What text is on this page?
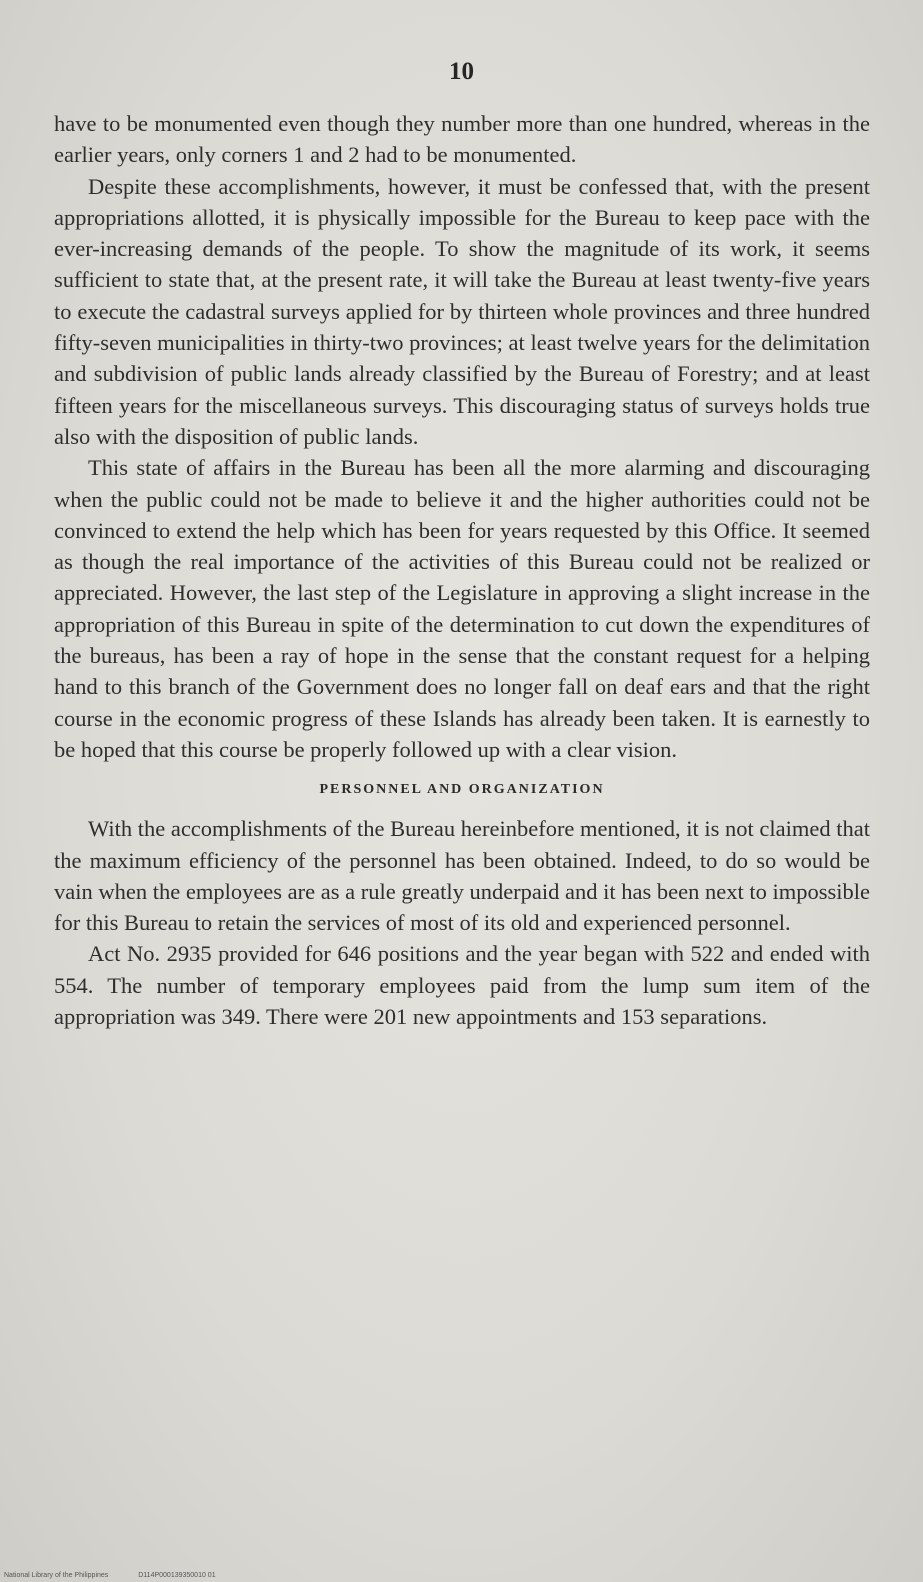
10

have to be monumented even though they number more than one hundred, whereas in the earlier years, only corners 1 and 2 had to be monumented.

Despite these accomplishments, however, it must be confessed that, with the present appropriations allotted, it is physically impossible for the Bureau to keep pace with the ever-increasing demands of the people. To show the magnitude of its work, it seems sufficient to state that, at the present rate, it will take the Bureau at least twenty-five years to execute the cadastral surveys applied for by thirteen whole provinces and three hundred fifty-seven municipalities in thirty-two provinces; at least twelve years for the delimitation and subdivision of public lands already classified by the Bureau of Forestry; and at least fifteen years for the miscellaneous surveys. This discouraging status of surveys holds true also with the disposition of public lands.

This state of affairs in the Bureau has been all the more alarming and discouraging when the public could not be made to believe it and the higher authorities could not be convinced to extend the help which has been for years requested by this Office. It seemed as though the real importance of the activities of this Bureau could not be realized or appreciated. However, the last step of the Legislature in approving a slight increase in the appropriation of this Bureau in spite of the determination to cut down the expenditures of the bureaus, has been a ray of hope in the sense that the constant request for a helping hand to this branch of the Government does no longer fall on deaf ears and that the right course in the economic progress of these Islands has already been taken. It is earnestly to be hoped that this course be properly followed up with a clear vision.

PERSONNEL AND ORGANIZATION

With the accomplishments of the Bureau hereinbefore mentioned, it is not claimed that the maximum efficiency of the personnel has been obtained. Indeed, to do so would be vain when the employees are as a rule greatly underpaid and it has been next to impossible for this Bureau to retain the services of most of its old and experienced personnel.

Act No. 2935 provided for 646 positions and the year began with 522 and ended with 554. The number of temporary employees paid from the lump sum item of the appropriation was 349. There were 201 new appointments and 153 separations.

National Library of the Philippines	D114P000139350010 01
